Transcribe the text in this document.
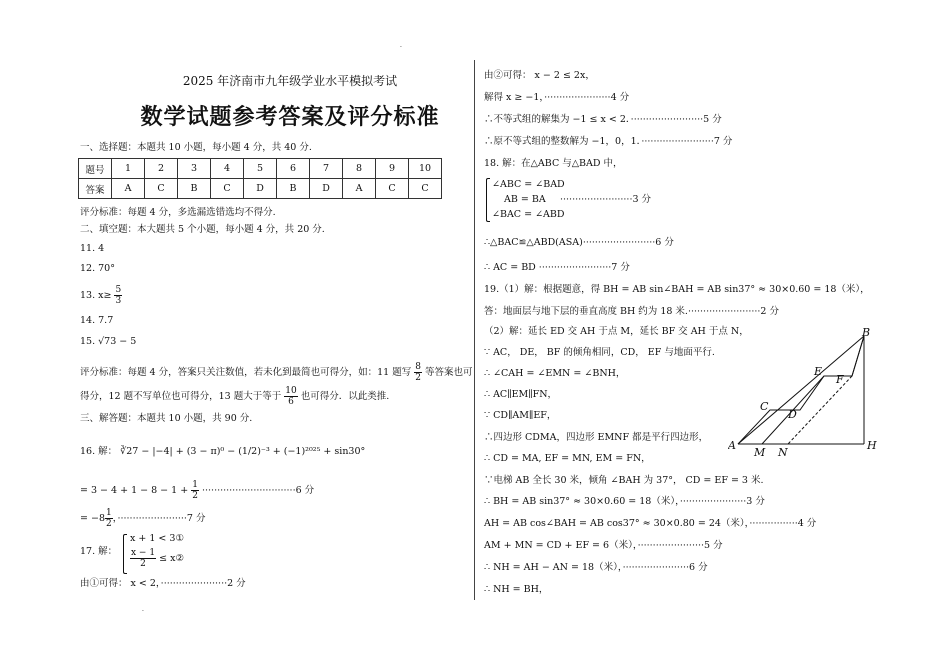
·
·
2025 年济南市九年级学业水平模拟考试
数学试题参考答案及评分标准
一、选择题：本题共 10 小题，每小题 4 分，共 40 分.
题号	1	2	3	4	5	6	7	8	9	10
答案	A	C	B	C	D	B	D	A	C	C
评分标准：每题 4 分，多选漏选错选均不得分.
二、填空题：本大题共 5 个小题，每小题 4 分，共 20 分.
11. 4
12. 70°
13. $x\ge \frac{5}{3}$
14. 7.7
15. √73 − 5
评分标准：每题 4 分，答案只关注数值，若未化到最简也可得分，如：11 题写 $\frac{8}{2}$ 等答案也可
得分，12 题不写单位也可得分，13 题大于等于 $\frac{10}{6}$ 也可得分．以此类推.
三、解答题：本题共 10 小题，共 90 分.
16. 解： ∛27 − |−4| + (3 − π)⁰ − (1/2)⁻³ + (−1)²⁰²⁵ + sin30°
= $3 - 4 + 1 - 8 - 1 + \frac{1}{2} \cdot\cdot\cdot\cdot\cdot\cdot\cdot\cdot\cdot\cdot\cdot\cdot\cdot\cdot\cdot\cdot\cdot\cdot\cdot\cdot\cdot\cdot\cdot\cdot\cdot\cdot\cdot\cdot\cdot\cdot\cdot 6$ 分
= $-8 \frac{1}{2}$ ，·······················7 分
17. 解：
x + 1 < 3①
$\frac{x - 1}{2}$ ≤ x②
由①可得： x < 2，······················2 分
由②可得： x − 2 ≤ 2x，
解得 x ≥ −1，······················4 分
∴不等式组的解集为 −1 ≤ x < 2．························5 分
∴原不等式组的整数解为 −1，0，1．························7 分
18. 解：在△ABC 与△BAD 中，
∠ABC = ∠BAD
AB = BA
∠BAC = ∠ABD
························3 分
∴△BAC≌△ABD(ASA)························6 分
∴ AC = BD ························7 分
19.（1）解：根据题意，得 BH = AB sin∠BAH = AB sin37° ≈ 30×0.60 = 18（米），
答：地面层与地下层的垂直高度 BH 约为 18 米.························2 分
（2）解：延长 ED 交 AH 于点 M，延长 BF 交 AH 于点 N，
∵ AC， DE， BF 的倾角相同，CD， EF 与地面平行.
∴ ∠CAH = ∠EMN = ∠BNH，
∴ AC∥EM∥FN，
∵ CD∥AM∥EF，
∴四边形 CDMA，四边形 EMNF 都是平行四边形，
∴ CD = MA, EF = MN, EM = FN，
∵电梯 AB 全长 30 米，倾角 ∠BAH 为 37°， CD = EF = 3 米.
∴ BH = AB sin37° ≈ 30×0.60 = 18（米），······················3 分
AH = AB cos∠BAH = AB cos37° ≈ 30×0.80 = 24（米），················4 分
AM + MN = CD + EF = 6（米），······················5 分
∴ NH = AH − AN = 18（米），······················6 分
∴ NH = BH，
A
M N
H
B
C
D
E
F
